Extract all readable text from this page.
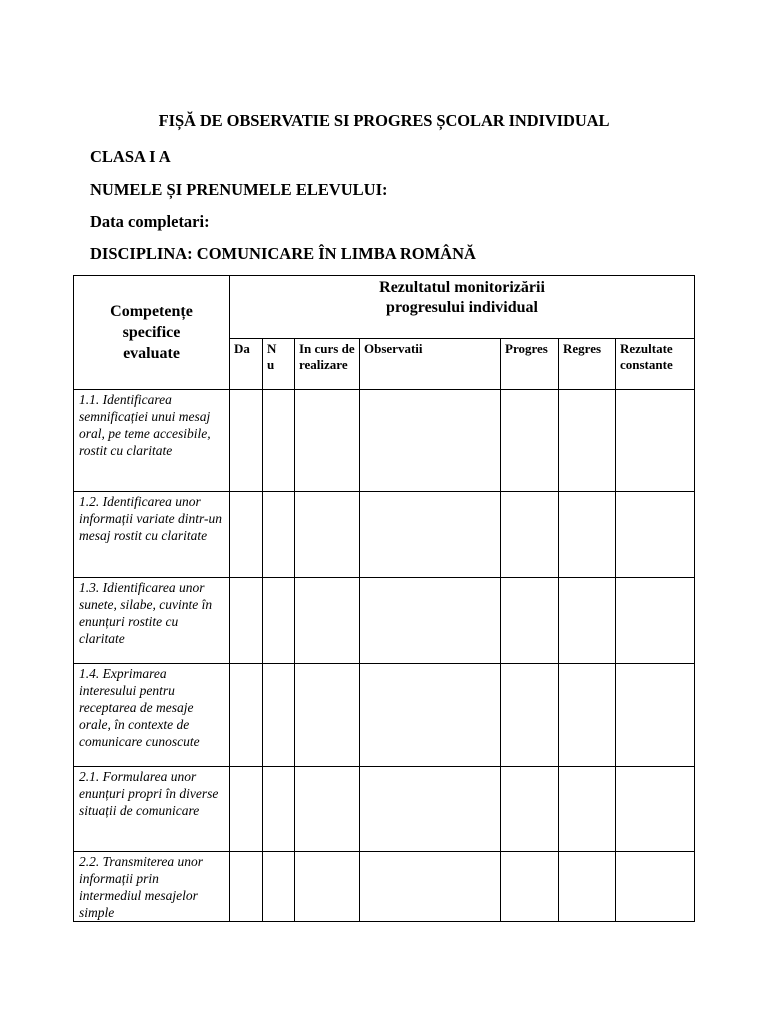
FIȘĂ DE OBSERVATIE SI PROGRES ȘCOLAR INDIVIDUAL
CLASA I A
NUMELE ȘI PRENUMELE ELEVULUI:
Data completari:
DISCIPLINA: COMUNICARE ÎN LIMBA ROMÂNĂ
Competențe specifice evaluate	Rezultatul monitorizării progresului individual						

	Da	N u	In curs de realizare	Observatii	Progres	Regres	Rezultate constante
1.1. Identificarea semnificației unui mesaj oral, pe teme accesibile, rostit cu claritate							
1.2. Identificarea unor informații variate dintr-un mesaj rostit cu claritate							
1.3. Idientificarea unor sunete, silabe, cuvinte în enunțuri rostite cu claritate							
1.4. Exprimarea interesului pentru receptarea de mesaje orale, în contexte de comunicare cunoscute							
2.1. Formularea unor enunțuri propri în diverse situații de comunicare							
2.2. Transmiterea unor informații prin intermediul mesajelor simple							
